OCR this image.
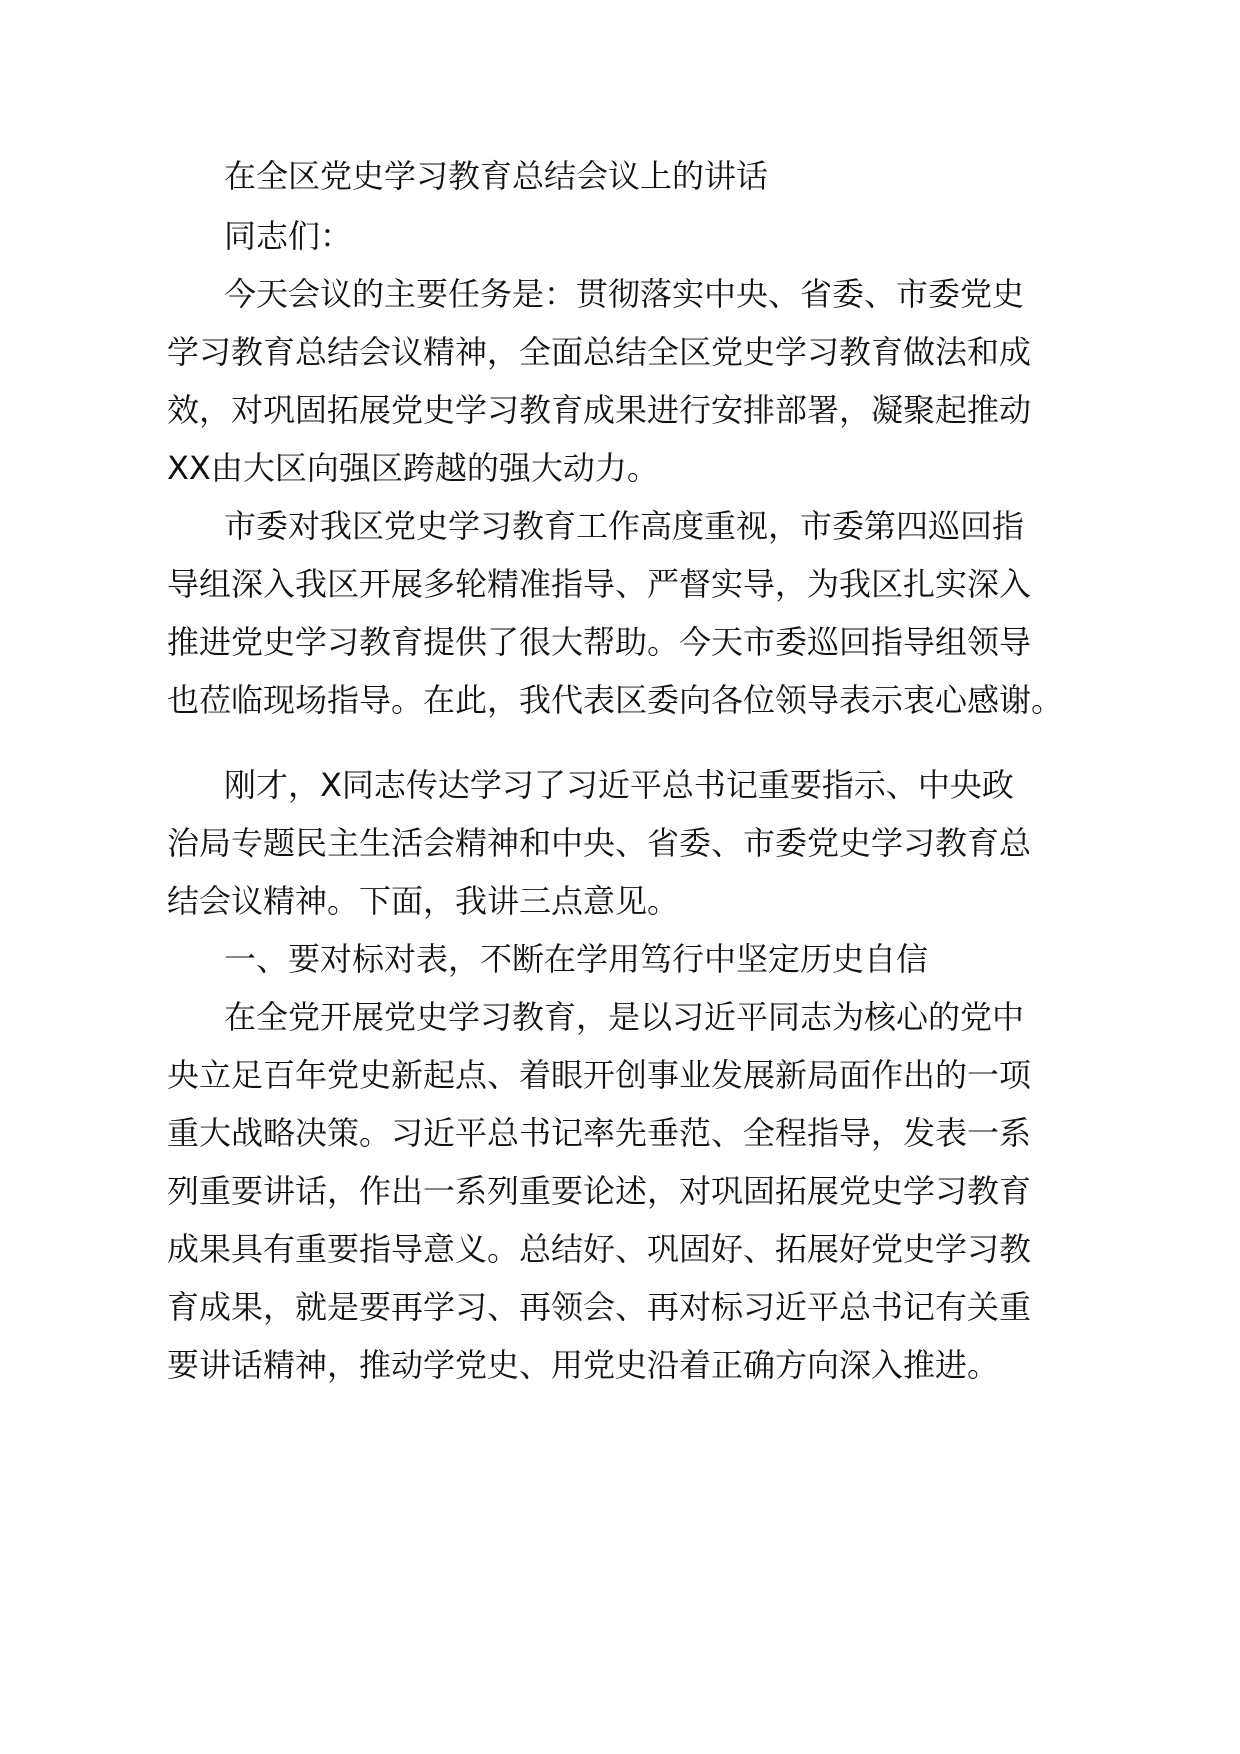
在全区党史学习教育总结会议上的讲话
同志们：
今天会议的主要任务是：贯彻落实中央、省委、市委党史
学习教育总结会议精神，全面总结全区党史学习教育做法和成
效，对巩固拓展党史学习教育成果进行安排部署，凝聚起推动
XX由大区向强区跨越的强大动力。
市委对我区党史学习教育工作高度重视，市委第四巡回指
导组深入我区开展多轮精准指导、严督实导，为我区扎实深入
推进党史学习教育提供了很大帮助。今天市委巡回指导组领导
也莅临现场指导。在此，我代表区委向各位领导表示衷心感谢。
刚才，X同志传达学习了习近平总书记重要指示、中央政
治局专题民主生活会精神和中央、省委、市委党史学习教育总
结会议精神。下面，我讲三点意见。
一、要对标对表，不断在学用笃行中坚定历史自信
在全党开展党史学习教育，是以习近平同志为核心的党中
央立足百年党史新起点、着眼开创事业发展新局面作出的一项
重大战略决策。习近平总书记率先垂范、全程指导，发表一系
列重要讲话，作出一系列重要论述，对巩固拓展党史学习教育
成果具有重要指导意义。总结好、巩固好、拓展好党史学习教
育成果，就是要再学习、再领会、再对标习近平总书记有关重
要讲话精神，推动学党史、用党史沿着正确方向深入推进。
